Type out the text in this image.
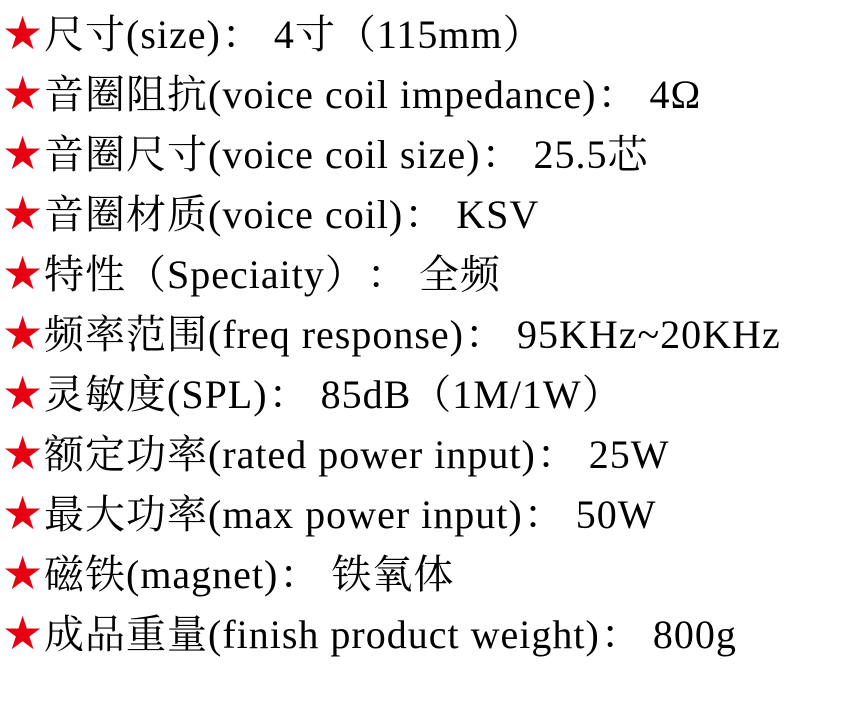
★ 尺寸(size) ： 4寸（115mm）
★ 音圈阻抗(voice coil impedance) ： 4Ω
★ 音圈尺寸(voice coil size) ： 25.5芯
★ 音圈材质(voice coil) ： KSV
★ 特性（Speciaity） ： 全频
★ 频率范围(freq response) ： 95KHz~20KHz
★ 灵敏度(SPL) ： 85dB（1M/1W）
★ 额定功率(rated power input) ： 25W
★ 最大功率(max power input) ： 50W
★ 磁铁(magnet) ： 铁氧体
★ 成品重量(finish product weight) ： 800g
